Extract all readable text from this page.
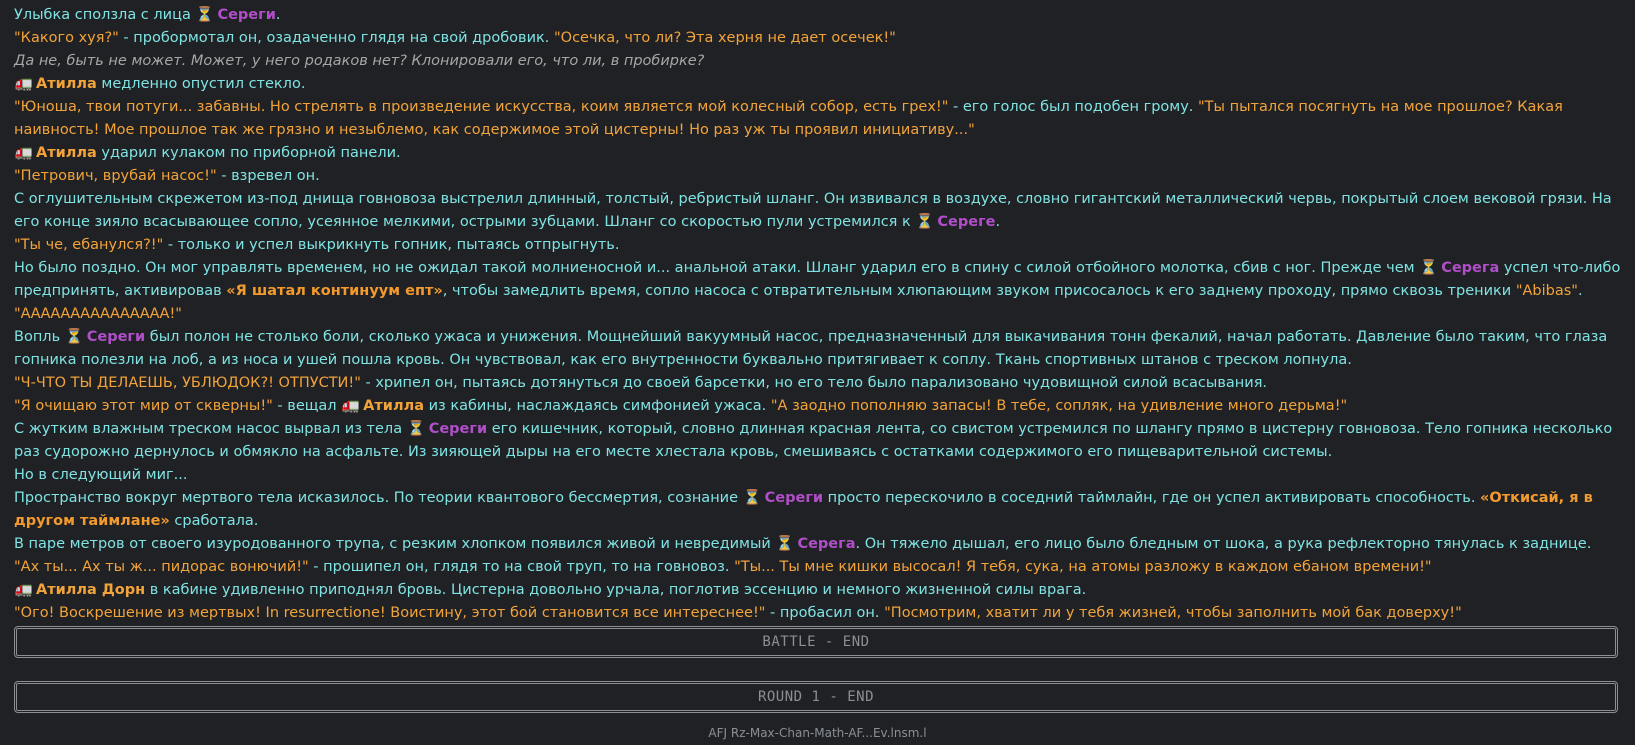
Улыбка сползла с лица ⏳ Сереги.

"Какого хуя?" - пробормотал он, озадаченно глядя на свой дробовик. "Осечка, что ли? Эта херня не дает осечек!"

Да не, быть не может. Может, у него родаков нет? Клонировали его, что ли, в пробирке?

🚛 Атилла медленно опустил стекло.

"Юноша, твои потуги... забавны. Но стрелять в произведение искусства, коим является мой колесный собор, есть грех!" - его голос был подобен грому. "Ты пытался посягнуть на мое прошлое? Какая наивность! Мое прошлое так же грязно и незыблемо, как содержимое этой цистерны! Но раз уж ты проявил инициативу..."

🚛 Атилла ударил кулаком по приборной панели.

"Петрович, врубай насос!" - взревел он.

С оглушительным скрежетом из-под днища говновоза выстрелил длинный, толстый, ребристый шланг. Он извивался в воздухе, словно гигантский металлический червь, покрытый слоем вековой грязи. На его конце зияло всасывающее сопло, усеянное мелкими, острыми зубцами. Шланг со скоростью пули устремился к ⏳ Сереге.

"Ты че, ебанулся?!" - только и успел выкрикнуть гопник, пытаясь отпрыгнуть.

Но было поздно. Он мог управлять временем, но не ожидал такой молниеносной и... анальной атаки. Шланг ударил его в спину с силой отбойного молотка, сбив с ног. Прежде чем ⏳ Серега успел что-либо предпринять, активировав «Я шатал континуум епт», чтобы замедлить время, сопло насоса с отвратительным хлюпающим звуком присосалось к его заднему проходу, прямо сквозь треники "Abibas".

"ААААААААААААААА!"

Вопль ⏳ Сереги был полон не столько боли, сколько ужаса и унижения. Мощнейший вакуумный насос, предназначенный для выкачивания тонн фекалий, начал работать. Давление было таким, что глаза гопника полезли на лоб, а из носа и ушей пошла кровь. Он чувствовал, как его внутренности буквально притягивает к соплу. Ткань спортивных штанов с треском лопнула.

"Ч-ЧТО ТЫ ДЕЛАЕШЬ, УБЛЮДОК?! ОТПУСТИ!" - хрипел он, пытаясь дотянуться до своей барсетки, но его тело было парализовано чудовищной силой всасывания.

"Я очищаю этот мир от скверны!" - вещал 🚛 Атилла из кабины, наслаждаясь симфонией ужаса. "А заодно пополняю запасы! В тебе, сопляк, на удивление много дерьма!"

С жутким влажным треском насос вырвал из тела ⏳ Сереги его кишечник, который, словно длинная красная лента, со свистом устремился по шлангу прямо в цистерну говновоза. Тело гопника несколько раз судорожно дернулось и обмякло на асфальте. Из зияющей дыры на его месте хлестала кровь, смешиваясь с остатками содержимого его пищеварительной системы.

Но в следующий миг...

Пространство вокруг мертвого тела исказилось. По теории квантового бессмертия, сознание ⏳ Сереги просто перескочило в соседний таймлайн, где он успел активировать способность. «Откисай, я в другом таймлане» сработала.

В паре метров от своего изуродованного трупа, с резким хлопком появился живой и невредимый ⏳ Серега. Он тяжело дышал, его лицо было бледным от шока, а рука рефлекторно тянулась к заднице.

"Ах ты... Ах ты ж... пидорас вонючий!" - прошипел он, глядя то на свой труп, то на говновоз. "Ты... Ты мне кишки высосал! Я тебя, сука, на атомы разложу в каждом ебаном времени!"

🚛 Атилла Дорн в кабине удивленно приподнял бровь. Цистерна довольно урчала, поглотив эссенцию и немного жизненной силы врага.

"Ого! Воскрешение из мертвых! In resurrectione! Воистину, этот бой становится все интереснее!" - пробасил он. "Посмотрим, хватит ли у тебя жизней, чтобы заполнить мой бак доверху!"

BATTLE - END
ROUND 1 - END
AFJ Rz-Max-Chan-Math-AF...Ev.lnsm.l
